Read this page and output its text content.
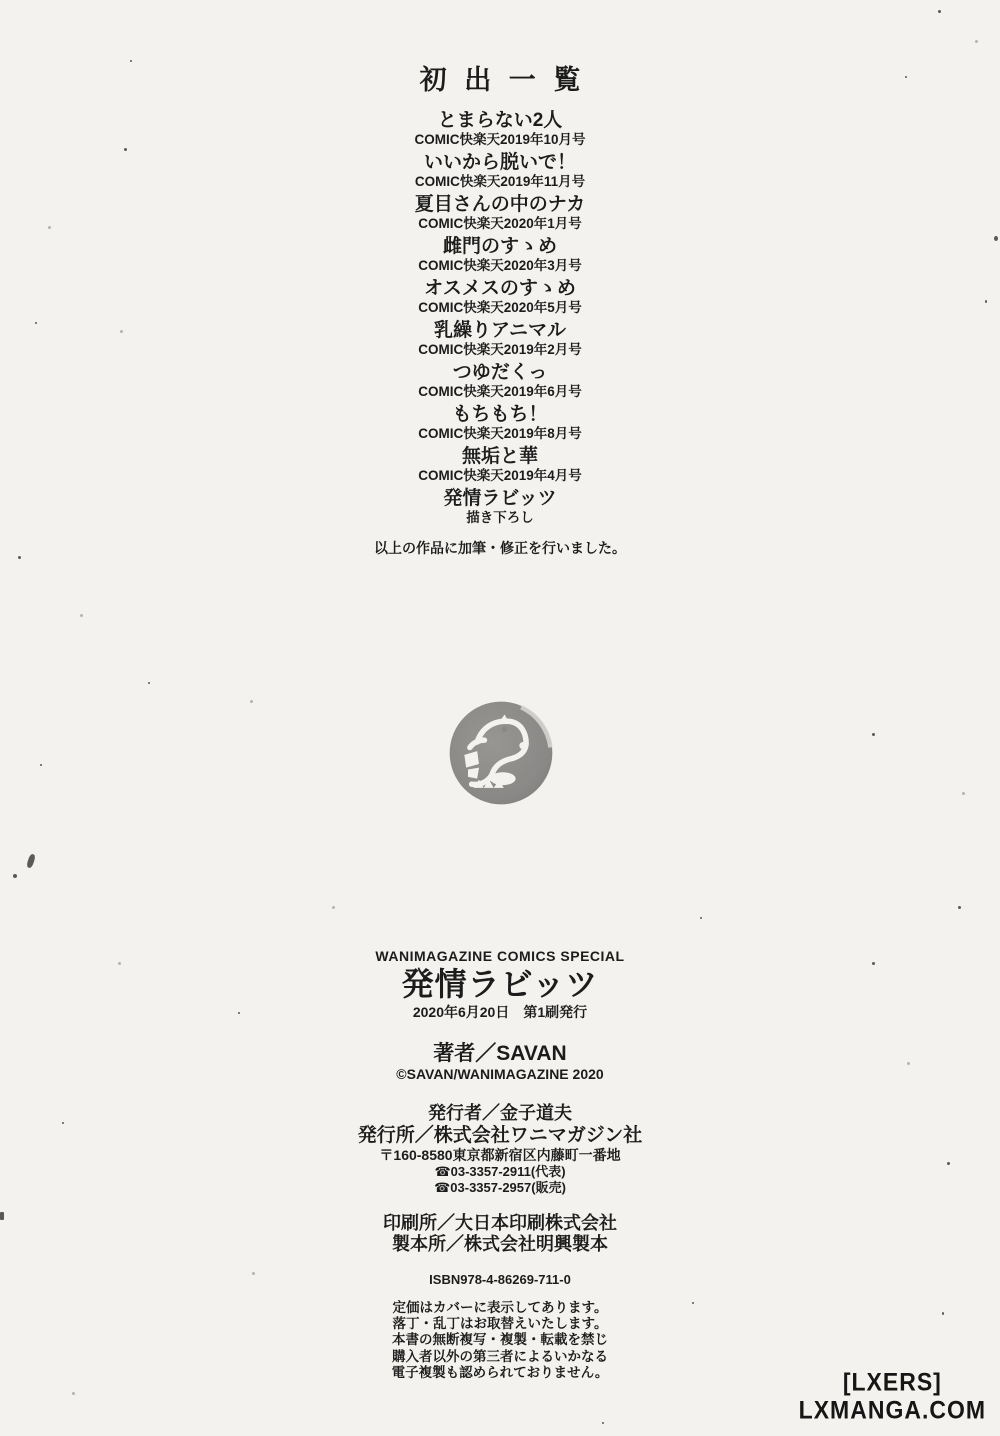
初出一覧
とまらない2人
COMIC快楽天2019年10月号
いいから脱いで！
COMIC快楽天2019年11月号
夏目さんの中のナカ
COMIC快楽天2020年1月号
雌門のすゝめ
COMIC快楽天2020年3月号
オスメスのすゝめ
COMIC快楽天2020年5月号
乳繰りアニマル
COMIC快楽天2019年2月号
つゆだくっ
COMIC快楽天2019年6月号
もちもち！
COMIC快楽天2019年8月号
無垢と華
COMIC快楽天2019年4月号
発情ラビッツ
描き下ろし
以上の作品に加筆・修正を行いました。
WANIMAGAZINE COMICS SPECIAL
発情ラビッツ
2020年6月20日　第1刷発行
著者／SAVAN
©SAVAN/WANIMAGAZINE 2020
発行者／金子道夫
発行所／株式会社ワニマガジン社
〒160-8580東京都新宿区内藤町一番地
☎03-3357-2911(代表)
☎03-3357-2957(販売)
印刷所／大日本印刷株式会社
製本所／株式会社明興製本
ISBN978-4-86269-711-0
定価はカバーに表示してあります。
落丁・乱丁はお取替えいたします。
本書の無断複写・複製・転載を禁じ
購入者以外の第三者によるいかなる
電子複製も認められておりません。	[LXERS]
LXMANGA.COM
